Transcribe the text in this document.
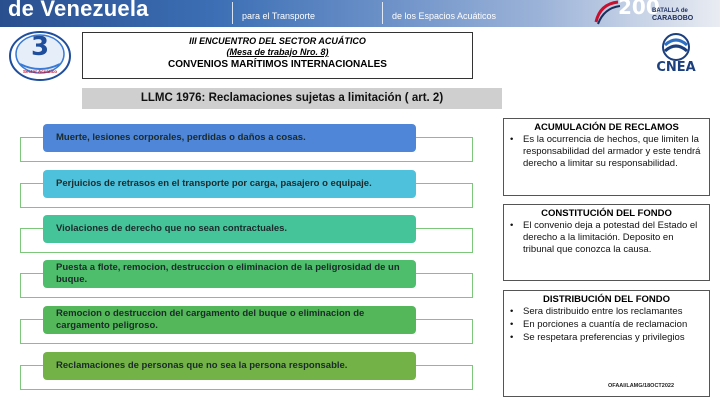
de Venezuela	para el Transporte	de los Espacios Acuáticos	200
BATALLA de
CARABOBO
3
Sector Acuático	CNEA
III ENCUENTRO DEL SECTOR ACUÁTICO
(Mesa de trabajo Nro. 8)
CONVENIOS MARÍTIMOS INTERNACIONALES
LLMC 1976: Reclamaciones sujetas a limitación ( art. 2)
Muerte, lesiones corporales, perdidas o daños a cosas.
Perjuicios de retrasos en el transporte por carga, pasajero o equipaje.
Violaciones de derecho que no sean contractuales.
Puesta a flote, remocion, destruccion o eliminacion de la peligrosidad de un buque.
Remocion o destruccion del cargamento del buque o eliminacion de cargamento peligroso.
Reclamaciones de personas que no sea la persona responsable.
ACUMULACIÓN DE RECLAMOS
• Es la ocurrencia de hechos, que limiten la responsabilidad del armador y este tendrá derecho a limitar su responsabilidad.
CONSTITUCIÓN DEL FONDO
• El convenio deja a potestad del Estado el derecho a la limitación. Deposito en tribunal que conozca la causa.
DISTRIBUCIÓN DEL FONDO
• Sera distribuido entre los reclamantes
• En porciones a cuantía de reclamacion
• Se respetara preferencias y privilegios
OFAAI/LAMG/18OCT2022
